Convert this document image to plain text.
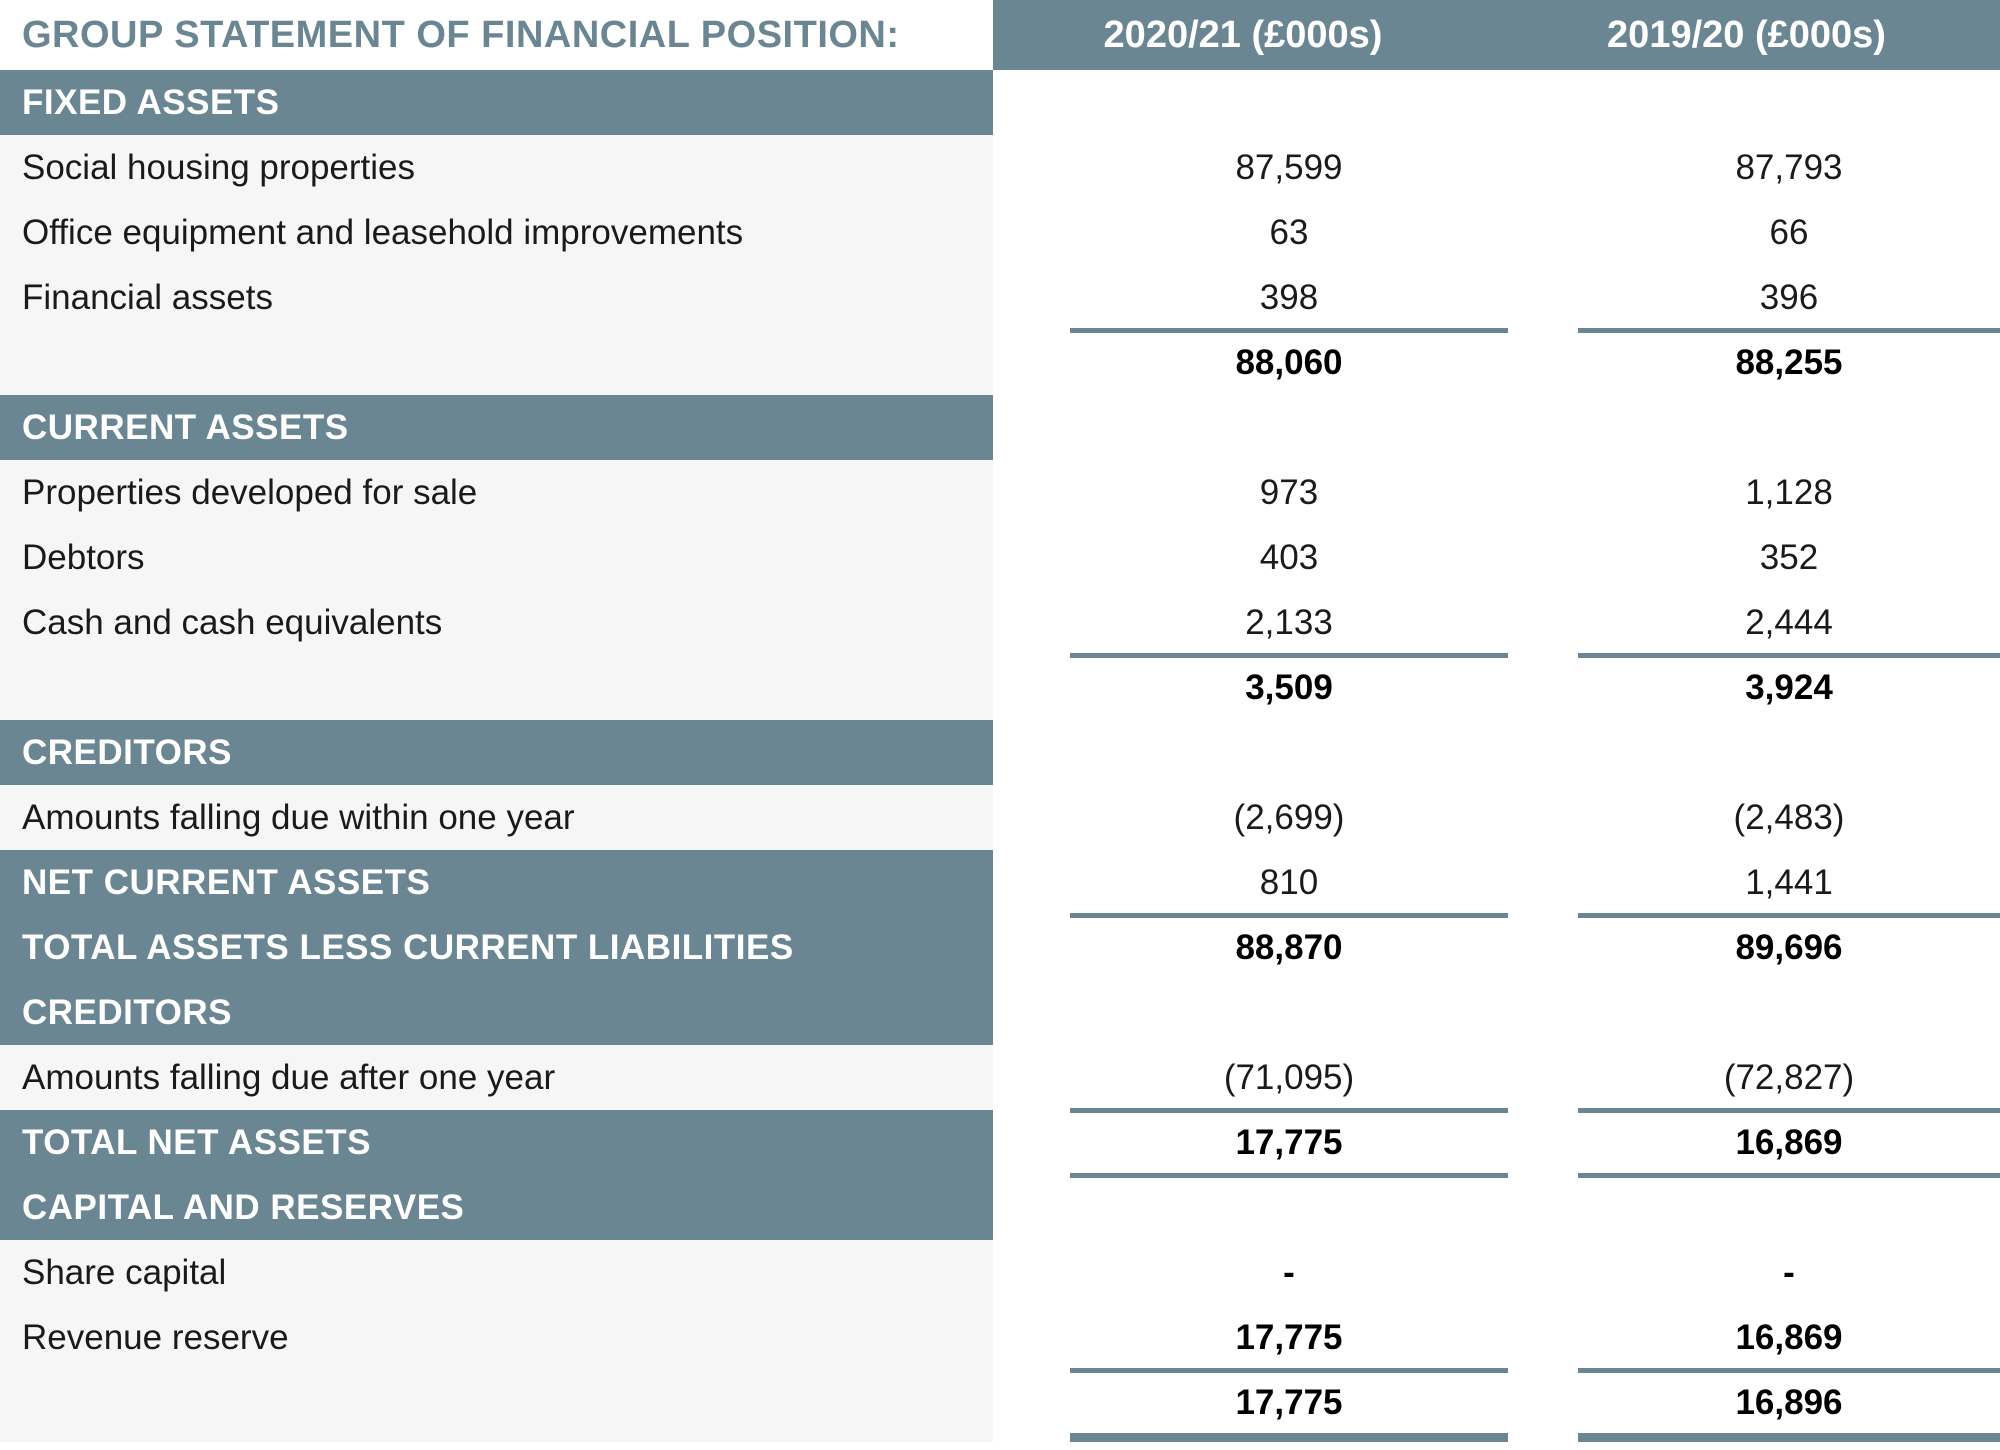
GROUP STATEMENT OF FINANCIAL POSITION:	2020/21 (£000s)	2019/20 (£000s)
FIXED ASSETS
Social housing properties	87,599	87,793
Office equipment and leasehold improvements	63	66
Financial assets	398	396
88,060	88,255
CURRENT ASSETS
Properties developed for sale	973	1,128
Debtors	403	352
Cash and cash equivalents	2,133	2,444
3,509	3,924
CREDITORS
Amounts falling due within one year	(2,699)	(2,483)
NET CURRENT ASSETS	810	1,441
TOTAL ASSETS LESS CURRENT LIABILITIES	88,870	89,696
CREDITORS
Amounts falling due after one year	(71,095)	(72,827)
TOTAL NET ASSETS	17,775	16,869
CAPITAL AND RESERVES
Share capital	-	-
Revenue reserve	17,775	16,869
17,775	16,896
